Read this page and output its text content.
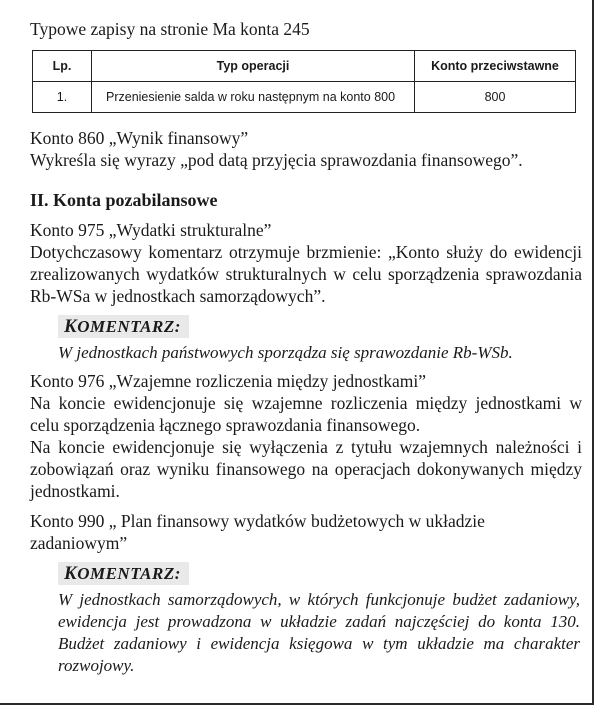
Typowe zapisy na stronie Ma konta 245

Lp.	Typ operacji	Konto przeciwstawne
1.	Przeniesienie salda w roku następnym na konto 800	800

Konto 860 „Wynik finansowy”

Wykreśla się wyrazy „pod datą przyjęcia sprawozdania finansowego”.

II. Konta pozabilansowe

Konto 975 „Wydatki strukturalne”

Dotychczasowy komentarz otrzymuje brzmienie: „Konto służy do ewidencji zrealizowanych wydatków strukturalnych w celu sporządzenia sprawozdania Rb-WSa w jednostkach samorządowych”.

KOMENTARZ:
W jednostkach państwowych sporządza się sprawozdanie Rb-WSb.

Konto 976 „Wzajemne rozliczenia między jednostkami”

Na koncie ewidencjonuje się wzajemne rozliczenia między jednostkami w celu sporządzenia łącznego sprawozdania finansowego.

Na koncie ewidencjonuje się wyłączenia z tytułu wzajemnych należności i zobowiązań oraz wyniku finansowego na operacjach dokonywanych między jednostkami.

Konto 990 „ Plan finansowy wydatków budżetowych w układzie zadaniowym”

KOMENTARZ:
W jednostkach samorządowych, w których funkcjonuje budżet zadaniowy, ewidencja jest prowadzona w układzie zadań najczęściej do konta 130. Budżet zadaniowy i ewidencja księgowa w tym układzie ma charakter rozwojowy.
